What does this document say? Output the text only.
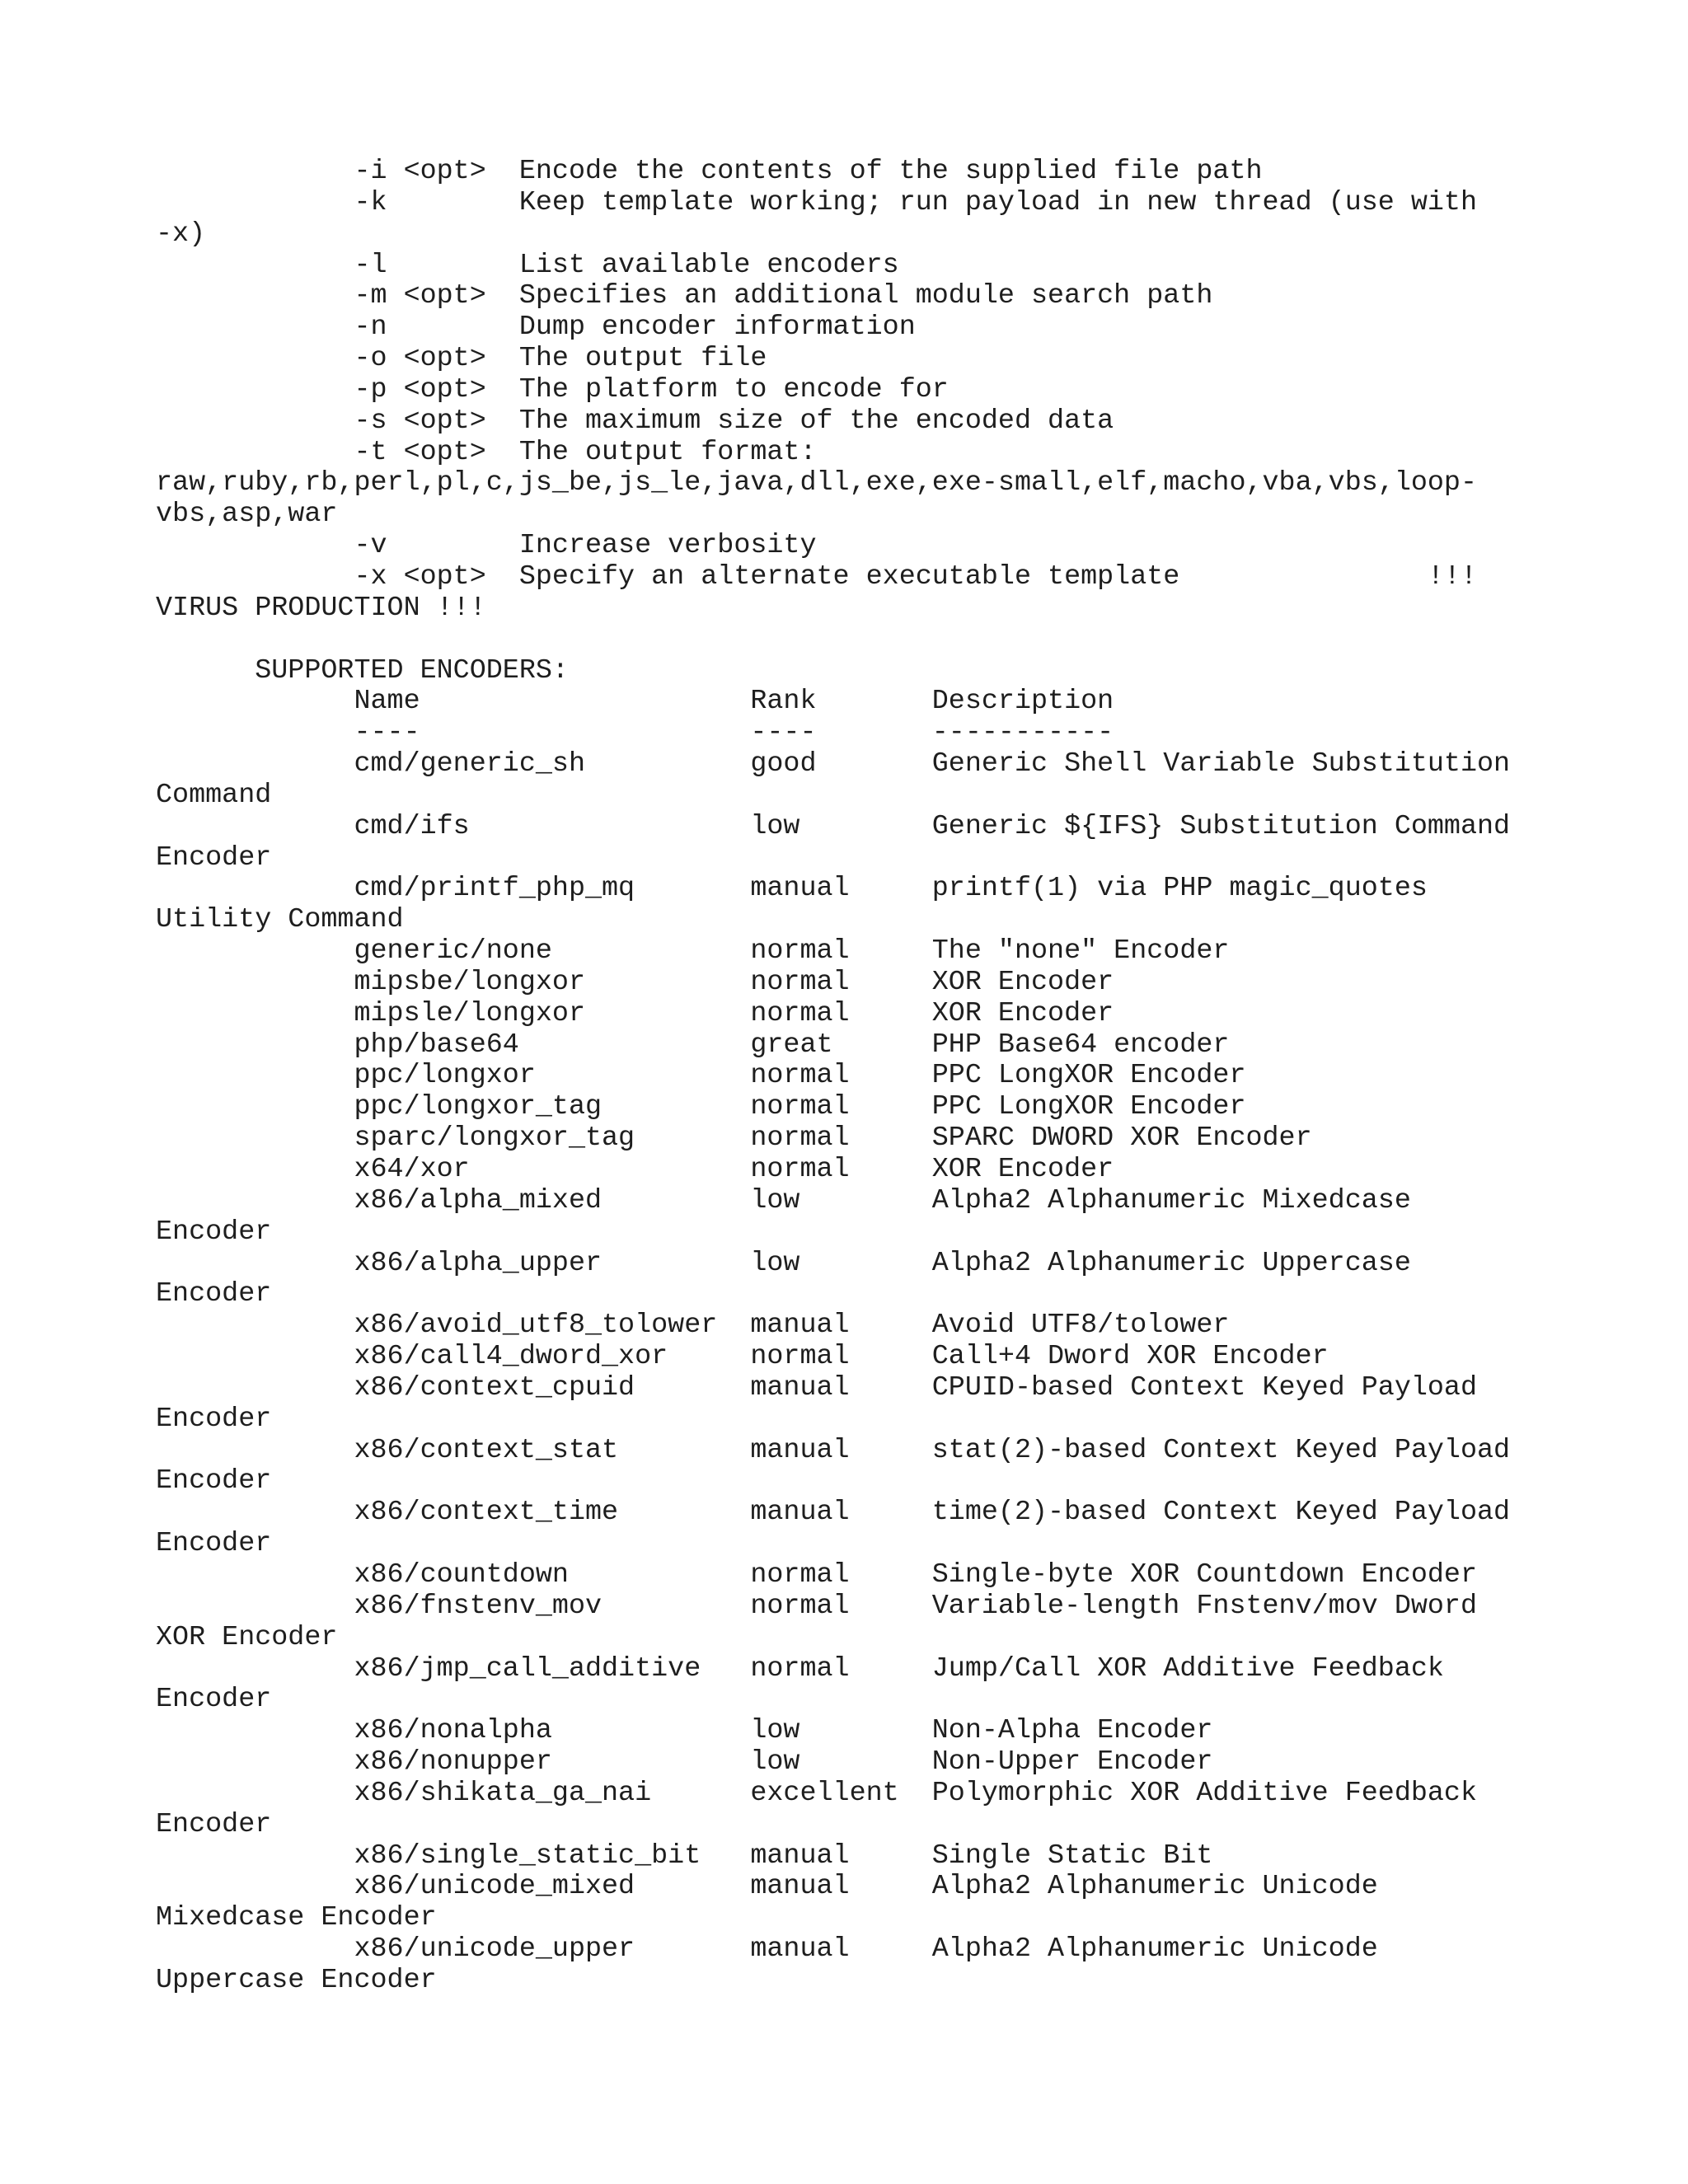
-i <opt>  Encode the contents of the supplied file path
-k        Keep template working; run payload in new thread (use with
-x)
-l        List available encoders
-m <opt>  Specifies an additional module search path
-n        Dump encoder information
-o <opt>  The output file
-p <opt>  The platform to encode for
-s <opt>  The maximum size of the encoded data
-t <opt>  The output format:
raw,ruby,rb,perl,pl,c,js_be,js_le,java,dll,exe,exe-small,elf,macho,vba,vbs,loop-
vbs,asp,war
-v        Increase verbosity
-x <opt>  Specify an alternate executable template               !!!
VIRUS PRODUCTION !!!
SUPPORTED ENCODERS:
Name                    Rank       Description
----                    ----       -----------
cmd/generic_sh          good       Generic Shell Variable Substitution
Command
cmd/ifs                 low        Generic ${IFS} Substitution Command
Encoder
cmd/printf_php_mq       manual     printf(1) via PHP magic_quotes
Utility Command
generic/none            normal     The "none" Encoder
mipsbe/longxor          normal     XOR Encoder
mipsle/longxor          normal     XOR Encoder
php/base64              great      PHP Base64 encoder
ppc/longxor             normal     PPC LongXOR Encoder
ppc/longxor_tag         normal     PPC LongXOR Encoder
sparc/longxor_tag       normal     SPARC DWORD XOR Encoder
x64/xor                 normal     XOR Encoder
x86/alpha_mixed         low        Alpha2 Alphanumeric Mixedcase
Encoder
x86/alpha_upper         low        Alpha2 Alphanumeric Uppercase
Encoder
x86/avoid_utf8_tolower  manual     Avoid UTF8/tolower
x86/call4_dword_xor     normal     Call+4 Dword XOR Encoder
x86/context_cpuid       manual     CPUID-based Context Keyed Payload
Encoder
x86/context_stat        manual     stat(2)-based Context Keyed Payload
Encoder
x86/context_time        manual     time(2)-based Context Keyed Payload
Encoder
x86/countdown           normal     Single-byte XOR Countdown Encoder
x86/fnstenv_mov         normal     Variable-length Fnstenv/mov Dword
XOR Encoder
x86/jmp_call_additive   normal     Jump/Call XOR Additive Feedback
Encoder
x86/nonalpha            low        Non-Alpha Encoder
x86/nonupper            low        Non-Upper Encoder
x86/shikata_ga_nai      excellent  Polymorphic XOR Additive Feedback
Encoder
x86/single_static_bit   manual     Single Static Bit
x86/unicode_mixed       manual     Alpha2 Alphanumeric Unicode
Mixedcase Encoder
x86/unicode_upper       manual     Alpha2 Alphanumeric Unicode
Uppercase Encoder
